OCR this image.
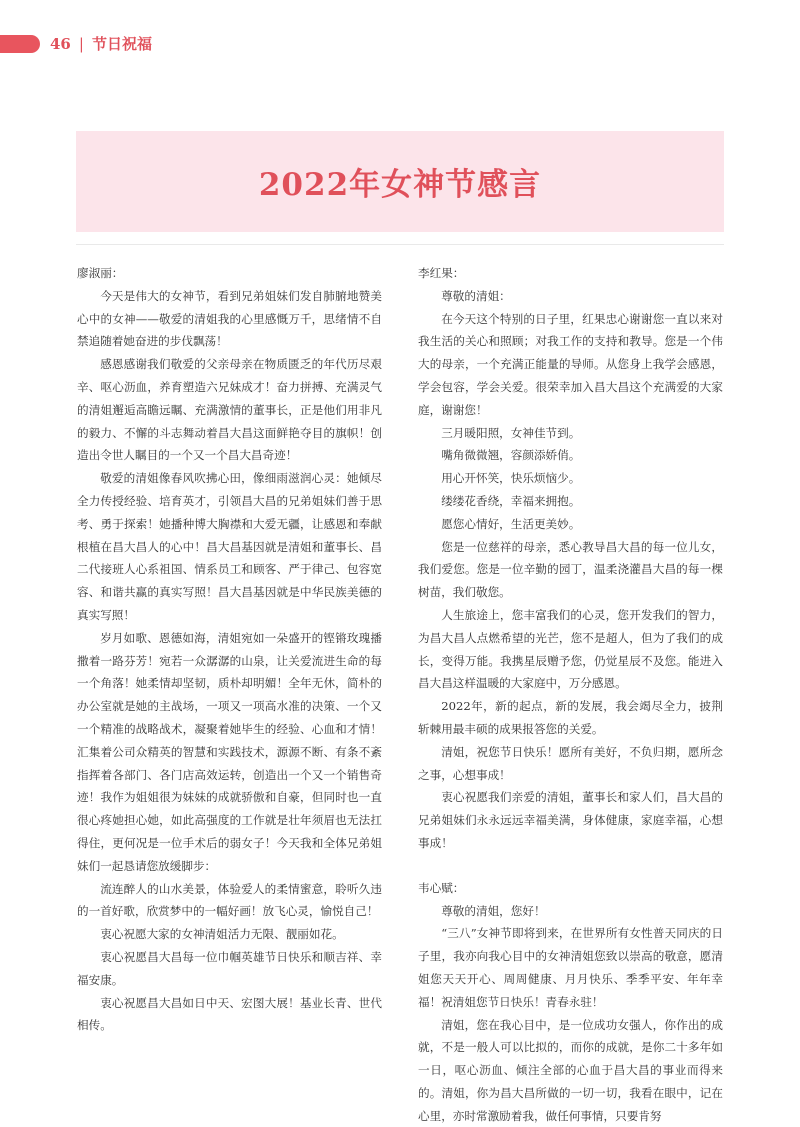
46 | 节日祝福
2022年女神节感言

廖淑丽：

今天是伟大的女神节，看到兄弟姐妹们发自肺腑地赞美心中的女神——敬爱的清姐我的心里感慨万千，思绪情不自禁追随着她奋进的步伐飘荡！

感恩感谢我们敬爱的父亲母亲在物质匮乏的年代历尽艰辛、呕心沥血，养育塑造六兄妹成才！奋力拼搏、充满灵气的清姐邂逅高瞻远瞩、充满激情的董事长，正是他们用非凡的毅力、不懈的斗志舞动着昌大昌这面鲜艳夺目的旗帜！创造出令世人瞩目的一个又一个昌大昌奇迹！

敬爱的清姐像春风吹拂心田，像细雨滋润心灵：她倾尽全力传授经验、培育英才，引领昌大昌的兄弟姐妹们善于思考、勇于探索！她播种博大胸襟和大爱无疆，让感恩和奉献根植在昌大昌人的心中！昌大昌基因就是清姐和董事长、昌二代接班人心系祖国、情系员工和顾客、严于律己、包容宽容、和谐共赢的真实写照！昌大昌基因就是中华民族美德的真实写照！

岁月如歌、恩德如海，清姐宛如一朵盛开的铿锵玫瑰播撒着一路芬芳！宛若一众潺潺的山泉，让关爱流进生命的每一个角落！她柔情却坚韧，质朴却明媚！全年无休，简朴的办公室就是她的主战场，一项又一项高水准的决策、一个又一个精准的战略战术，凝聚着她毕生的经验、心血和才情！汇集着公司众精英的智慧和实践技术，源源不断、有条不紊指挥着各部门、各门店高效运转，创造出一个又一个销售奇迹！我作为姐姐很为妹妹的成就骄傲和自豪，但同时也一直很心疼她担心她，如此高强度的工作就是壮年须眉也无法扛得住，更何况是一位手术后的弱女子！今天我和全体兄弟姐妹们一起恳请您放缓脚步：

流连醉人的山水美景，体验爱人的柔情蜜意，聆听久违的一首好歌，欣赏梦中的一幅好画！放飞心灵，愉悦自己！

衷心祝愿大家的女神清姐活力无限、靓丽如花。

衷心祝愿昌大昌每一位巾帼英雄节日快乐和顺吉祥、幸福安康。

衷心祝愿昌大昌如日中天、宏图大展！基业长青、世代相传。

李红果：

尊敬的清姐：

在今天这个特别的日子里，红果忠心谢谢您一直以来对我生活的关心和照顾；对我工作的支持和教导。您是一个伟大的母亲，一个充满正能量的导师。从您身上我学会感恩，学会包容，学会关爱。很荣幸加入昌大昌这个充满爱的大家庭，谢谢您！

三月暖阳照，女神佳节到。

嘴角微微翘，容颜添娇俏。

用心开怀笑，快乐烦恼少。

缕缕花香绕，幸福来拥抱。

愿您心情好，生活更美妙。

您是一位慈祥的母亲，悉心教导昌大昌的每一位儿女，我们爱您。您是一位辛勤的园丁，温柔浇灌昌大昌的每一棵树苗，我们敬您。

人生旅途上，您丰富我们的心灵，您开发我们的智力，为昌大昌人点燃希望的光芒，您不是超人，但为了我们的成长，变得万能。我携星辰赠予您，仍觉星辰不及您。能进入昌大昌这样温暖的大家庭中，万分感恩。

2022年，新的起点，新的发展，我会竭尽全力，披荆斩棘用最丰硕的成果报答您的关爱。

清姐，祝您节日快乐！愿所有美好，不负归期，愿所念之事，心想事成！

衷心祝愿我们亲爱的清姐，董事长和家人们，昌大昌的兄弟姐妹们永永远远幸福美满，身体健康，家庭幸福，心想事成！

韦心赋：

尊敬的清姐，您好！

“三八”女神节即将到来，在世界所有女性普天同庆的日子里，我亦向我心目中的女神清姐您致以崇高的敬意，愿清姐您天天开心、周周健康、月月快乐、季季平安、年年幸福！祝清姐您节日快乐！青春永驻！

清姐，您在我心目中，是一位成功女强人，你作出的成就，不是一般人可以比拟的，而你的成就，是你二十多年如一日，呕心沥血、倾注全部的心血于昌大昌的事业而得来的。清姐，你为昌大昌所做的一切一切，我看在眼中，记在心里，亦时常激励着我，做任何事情，只要肯努
